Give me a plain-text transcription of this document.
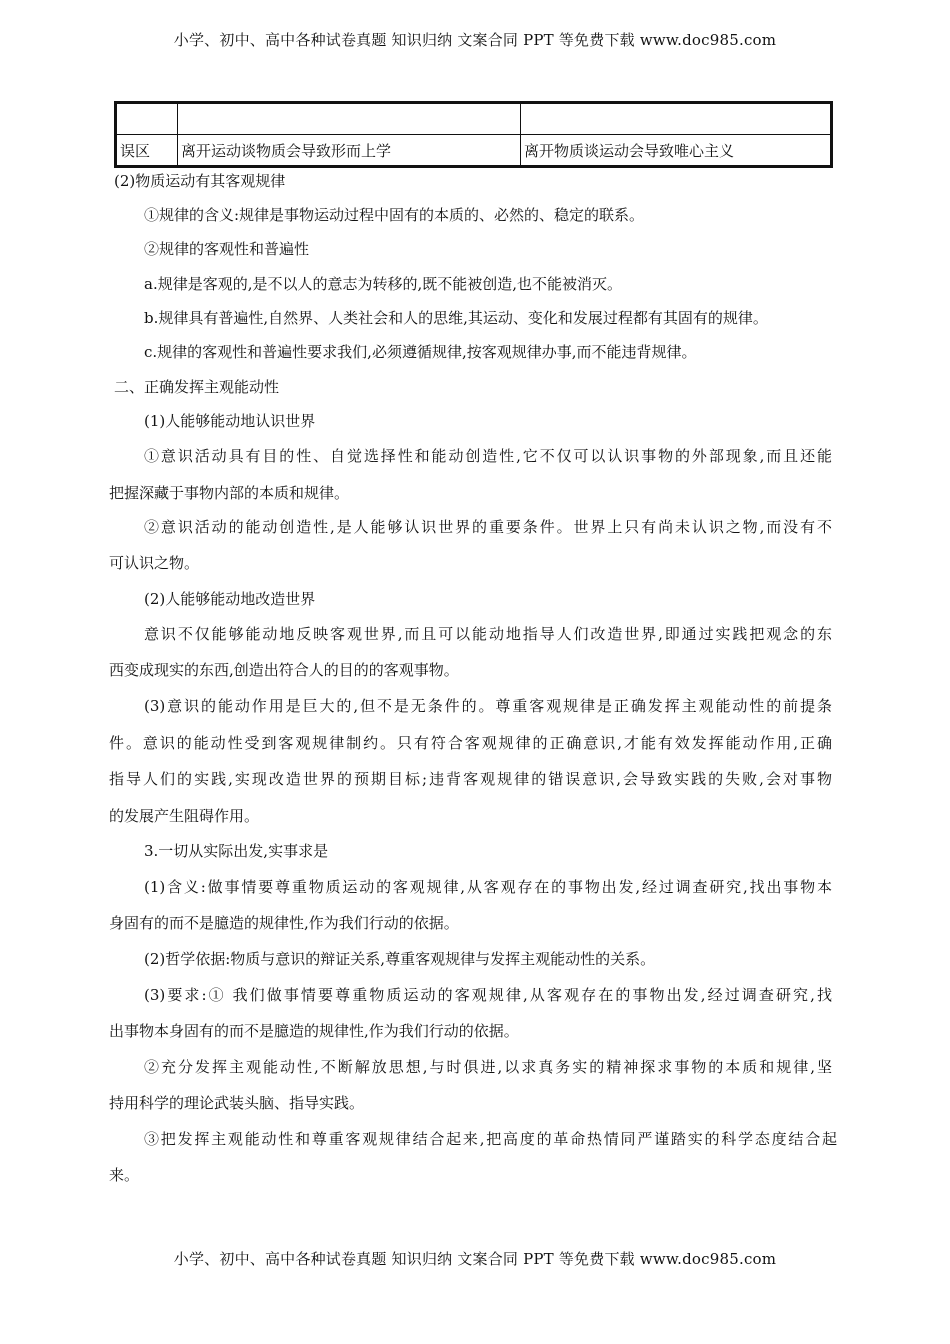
小学、初中、高中各种试卷真题 知识归纳 文案合同 PPT 等免费下载 www.doc985.com

误区	离开运动谈物质会导致形而上学	离开物质谈运动会导致唯心主义
(2)物质运动有其客观规律
①规律的含义:规律是事物运动过程中固有的本质的、必然的、稳定的联系。
②规律的客观性和普遍性
a.规律是客观的,是不以人的意志为转移的,既不能被创造,也不能被消灭。
b.规律具有普遍性,自然界、人类社会和人的思维,其运动、变化和发展过程都有其固有的规律。
c.规律的客观性和普遍性要求我们,必须遵循规律,按客观规律办事,而不能违背规律。
二、正确发挥主观能动性
(1)人能够能动地认识世界
①意识活动具有目的性、自觉选择性和能动创造性,它不仅可以认识事物的外部现象,而且还能
把握深藏于事物内部的本质和规律。
②意识活动的能动创造性,是人能够认识世界的重要条件。世界上只有尚未认识之物,而没有不
可认识之物。
(2)人能够能动地改造世界
意识不仅能够能动地反映客观世界,而且可以能动地指导人们改造世界,即通过实践把观念的东
西变成现实的东西,创造出符合人的目的的客观事物。
(3)意识的能动作用是巨大的,但不是无条件的。尊重客观规律是正确发挥主观能动性的前提条
件。意识的能动性受到客观规律制约。只有符合客观规律的正确意识,才能有效发挥能动作用,正确
指导人们的实践,实现改造世界的预期目标;违背客观规律的错误意识,会导致实践的失败,会对事物
的发展产生阻碍作用。
3.一切从实际出发,实事求是
(1)含义:做事情要尊重物质运动的客观规律,从客观存在的事物出发,经过调查研究,找出事物本
身固有的而不是臆造的规律性,作为我们行动的依据。
(2)哲学依据:物质与意识的辩证关系,尊重客观规律与发挥主观能动性的关系。
(3)要求:① 我们做事情要尊重物质运动的客观规律,从客观存在的事物出发,经过调查研究,找
出事物本身固有的而不是臆造的规律性,作为我们行动的依据。
②充分发挥主观能动性,不断解放思想,与时俱进,以求真务实的精神探求事物的本质和规律,坚
持用科学的理论武装头脑、指导实践。
③把发挥主观能动性和尊重客观规律结合起来,把高度的革命热情同严谨踏实的科学态度结合起
来。
小学、初中、高中各种试卷真题 知识归纳 文案合同 PPT 等免费下载 www.doc985.com
